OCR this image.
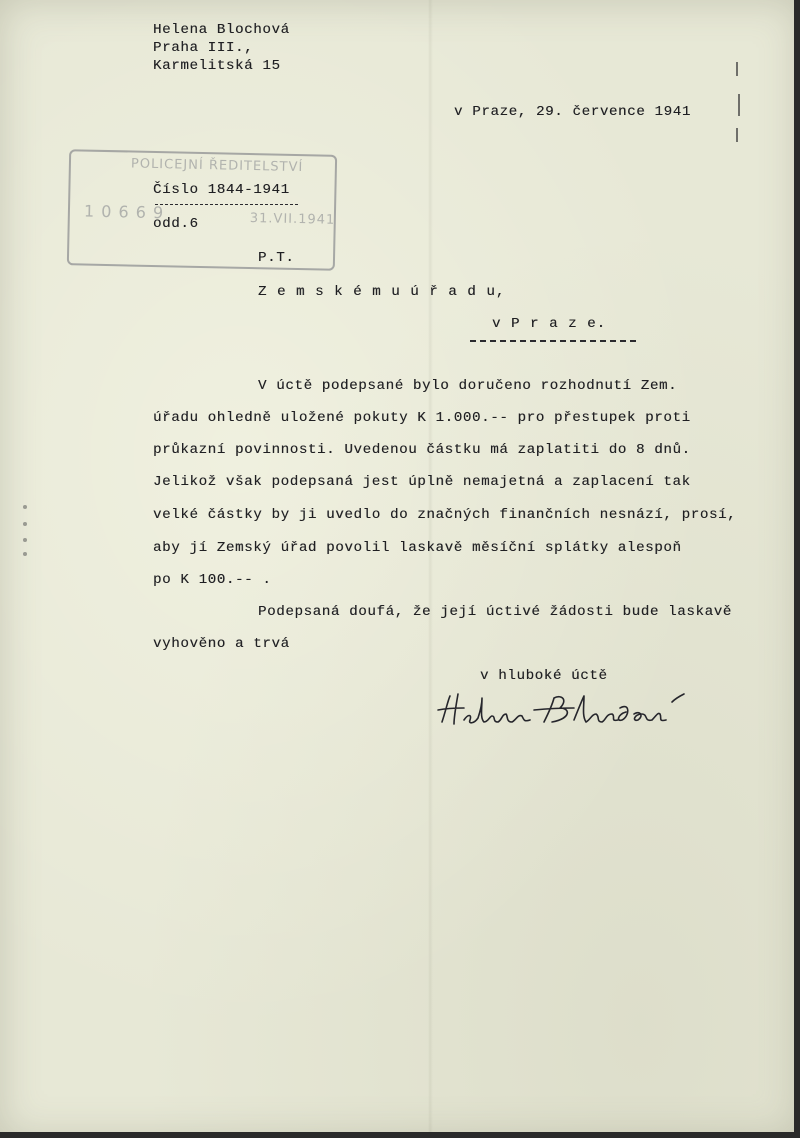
Helena Blochová

Praha III.,

Karmelitská 15

v Praze, 29. července 1941

POLICEJNÍ ŘEDITELSTVÍ
1 0 6 6 9	31.VII.1941

Číslo 1844-1941

odd.6

P.T.

Z e m s k é m u ú ř a d u,

v P r a z e.

V úctě podepsané bylo doručeno rozhodnutí Zem.

úřadu ohledně uložené pokuty K 1.000.-- pro přestupek proti

průkazní povinnosti. Uvedenou částku má zaplatiti do 8 dnů.

Jelikož však podepsaná jest úplně nemajetná a zaplacení tak

velké částky by ji uvedlo do značných finančních nesnází, prosí,

aby jí Zemský úřad povolil laskavě měsíční splátky alespoň

po K 100.-- .

Podepsaná doufá, že její úctivé žádosti bude laskavě

vyhověno a trvá

v hluboké úctě
